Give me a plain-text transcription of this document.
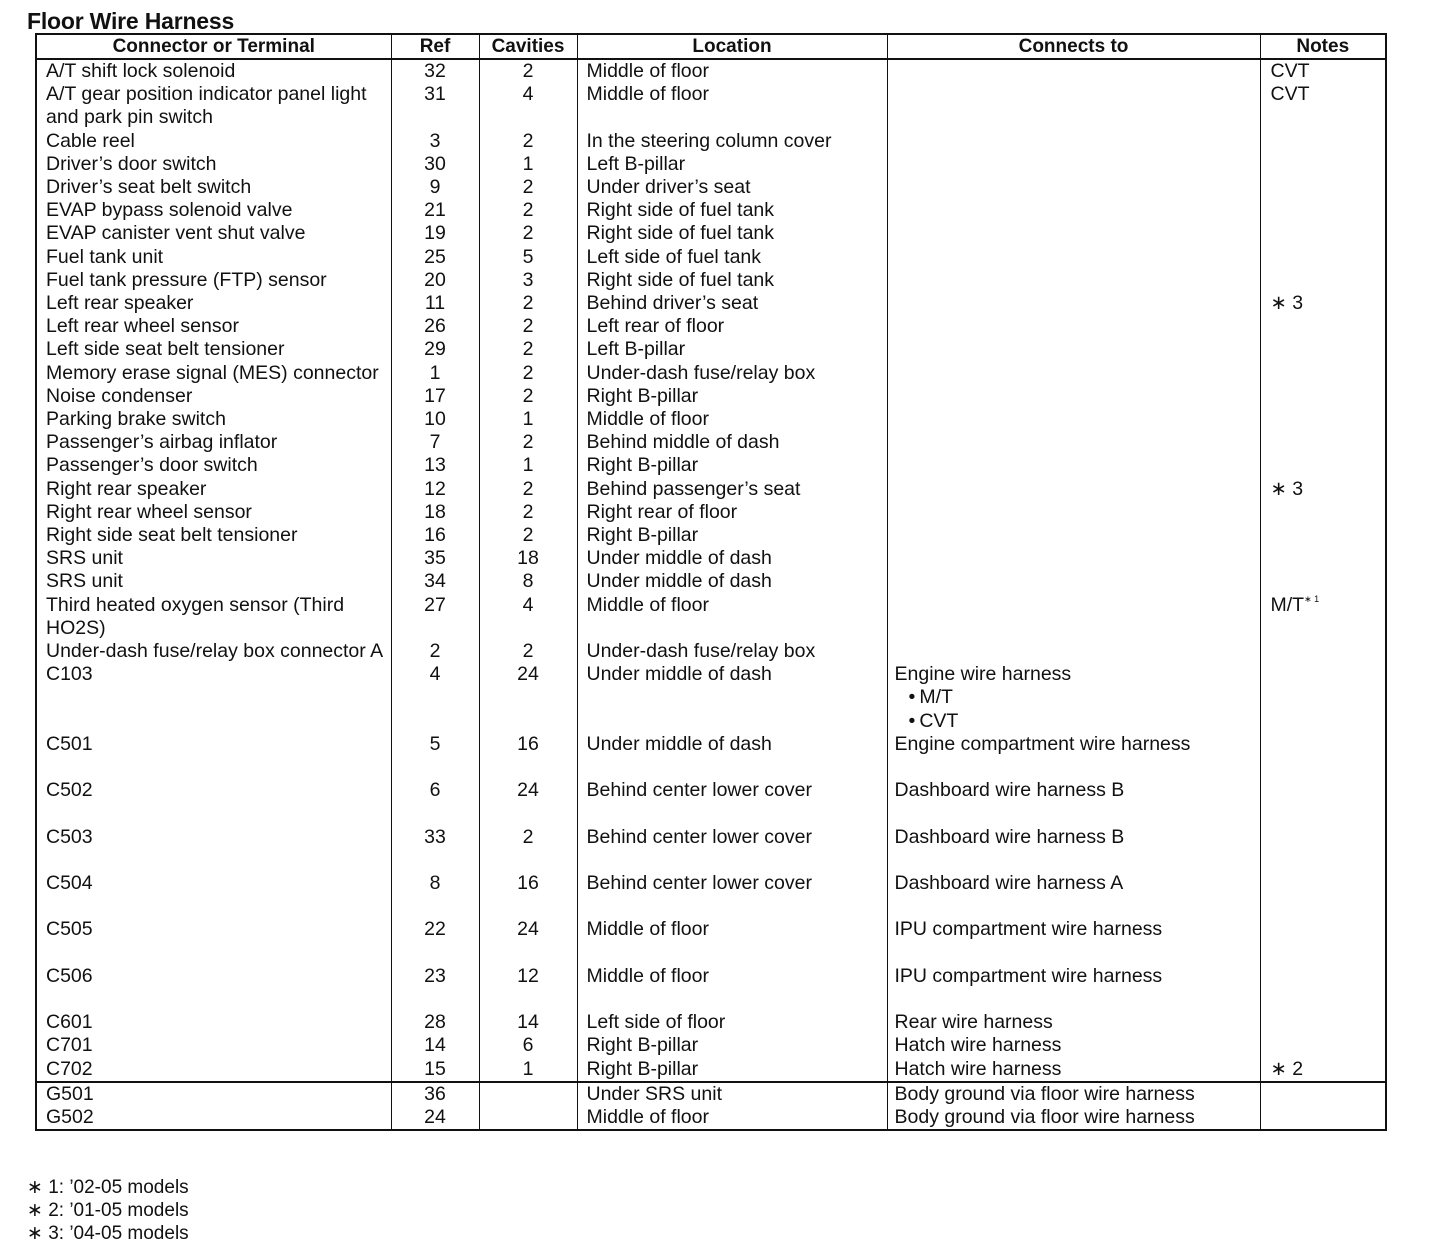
Floor Wire Harness
Connector or Terminal	Ref	Cavities	Location	Connects to	Notes
A/T shift lock solenoid	32	2	Middle of floor		CVT
A/T gear position indicator panel light and park pin switch	31	4	Middle of floor		CVT
Cable reel	3	2	In the steering column cover		
Driver’s door switch	30	1	Left B-pillar		
Driver’s seat belt switch	9	2	Under driver’s seat		
EVAP bypass solenoid valve	21	2	Right side of fuel tank		
EVAP canister vent shut valve	19	2	Right side of fuel tank		
Fuel tank unit	25	5	Left side of fuel tank		
Fuel tank pressure (FTP) sensor	20	3	Right side of fuel tank		
Left rear speaker	11	2	Behind driver’s seat		∗ 3
Left rear wheel sensor	26	2	Left rear of floor		
Left side seat belt tensioner	29	2	Left B-pillar		
Memory erase signal (MES) connector	1	2	Under-dash fuse/relay box		
Noise condenser	17	2	Right B-pillar		
Parking brake switch	10	1	Middle of floor		
Passenger’s airbag inflator	7	2	Behind middle of dash		
Passenger’s door switch	13	1	Right B-pillar		
Right rear speaker	12	2	Behind passenger’s seat		∗ 3
Right rear wheel sensor	18	2	Right rear of floor		
Right side seat belt tensioner	16	2	Right B-pillar		
SRS unit	35	18	Under middle of dash		
SRS unit	34	8	Under middle of dash		
Third heated oxygen sensor (Third HO2S)	27	4	Middle of floor		$M/T^{∗ 1}$
Under-dash fuse/relay box connector A	2	2	Under-dash fuse/relay box		
C103	4	24	Under middle of dash	Engine wire harness
• M/T
• CVT	

C501	5	16	Under middle of dash	Engine compartment wire harness	
C502	6	24	Behind center lower cover	Dashboard wire harness B	
C503	33	2	Behind center lower cover	Dashboard wire harness B	
C504	8	16	Behind center lower cover	Dashboard wire harness A	
C505	22	24	Middle of floor	IPU compartment wire harness	
C506	23	12	Middle of floor	IPU compartment wire harness	
C601	28	14	Left side of floor	Rear wire harness	
C701	14	6	Right B-pillar	Hatch wire harness	
C702	15	1	Right B-pillar	Hatch wire harness	∗ 2
G501	36		Under SRS unit	Body ground via floor wire harness	
G502	24		Middle of floor	Body ground via floor wire harness	
∗ 1: ’02-05 models
∗ 2: ’01-05 models
∗ 3: ’04-05 models
